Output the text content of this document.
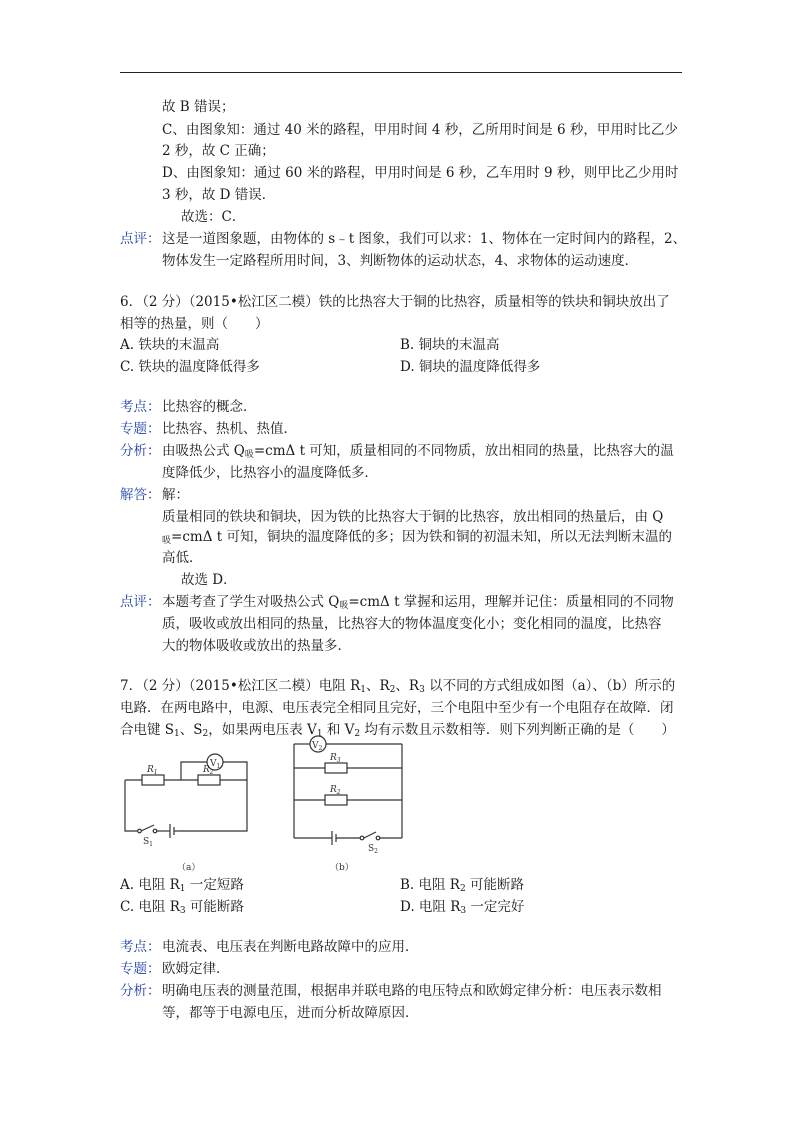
故 B 错误；
C、由图象知：通过 40 米的路程，甲用时间 4 秒，乙所用时间是 6 秒，甲用时比乙少
2 秒，故 C 正确；
D、由图象知：通过 60 米的路程，甲用时间是 6 秒，乙车用时 9 秒，则甲比乙少用时
3 秒，故 D 错误．
故选：C．
点评： 这是一道图象题，由物体的 s﹣t 图象，我们可以求：1、物体在一定时间内的路程，2、
物体发生一定路程所用时间，3、判断物体的运动状态，4、求物体的运动速度．
6．（2 分）（2015•松江区二模）铁的比热容大于铜的比热容，质量相等的铁块和铜块放出了
相等的热量，则（　　）
A. 铁块的末温高	B. 铜块的末温高
C. 铁块的温度降低得多	D. 铜块的温度降低得多
考点： 比热容的概念．
专题： 比热容、热机、热值．
分析： 由吸热公式 $Q_吸=cm\Delta$ t 可知，质量相同的不同物质，放出相同的热量，比热容大的温
度降低少，比热容小的温度降低多．
解答： 解：
质量相同的铁块和铜块，因为铁的比热容大于铜的比热容，放出相同的热量后，由 Q
$_吸$=cmΔ t 可知，铜块的温度降低的多；因为铁和铜的初温未知，所以无法判断末温的
高低．
故选 D．
点评： 本题考查了学生对吸热公式 $Q_吸=cm\Delta$ t 掌握和运用，理解并记住：质量相同的不同物
质，吸收或放出相同的热量，比热容大的物体温度变化小；变化相同的温度，比热容
大的物体吸收或放出的热量多．
7．（2 分）（2015•松江区二模）电阻 $R_1$、$R_2$、$R_3$ 以不同的方式组成如图（a）、（b）所示的
电路．在两电路中，电源、电压表完全相同且完好，三个电阻中至少有一个电阻存在故障．闭
合电键 $S_1$、$S_2$，如果两电压表 $V_1$ 和 $V_2$ 均有示数且示数相等．则下列判断正确的是（　　）
$V_1$
$R_1$	$R_2$
$S_1$
（a）
$V_2$
$R_3$
$R_2$
$S_2$
（b）
A. 电阻 $R_1$ 一定短路	B. 电阻 $R_2$ 可能断路
C. 电阻 $R_3$ 可能断路	D. 电阻 $R_3$ 一定完好
考点： 电流表、电压表在判断电路故障中的应用．
专题： 欧姆定律．
分析： 明确电压表的测量范围，根据串并联电路的电压特点和欧姆定律分析：电压表示数相
等，都等于电源电压，进而分析故障原因．
